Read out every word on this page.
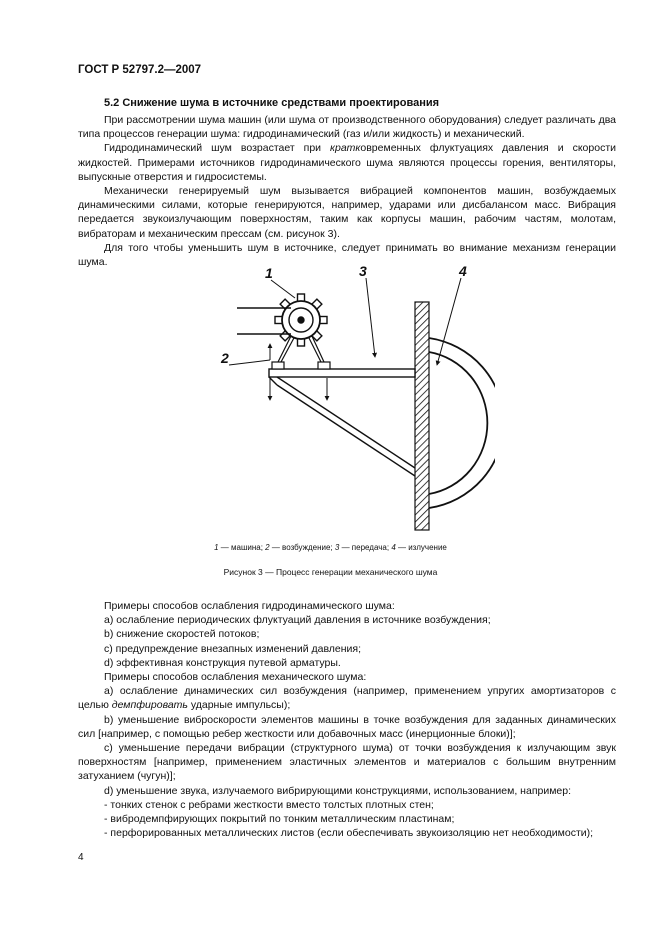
ГОСТ Р 52797.2—2007
5.2 Снижение шума в источнике средствами проектирования

При рассмотрении шума машин (или шума от производственного оборудования) следует различать два типа процессов генерации шума: гидродинамический (газ и/или жидкость) и механический.

Гидродинамический шум возрастает при кратковременных флуктуациях давления и скорости жидкостей. Примерами источников гидродинамического шума являются процессы горения, вентиляторы, выпускные отверстия и гидросистемы.

Механически генерируемый шум вызывается вибрацией компонентов машин, возбуждаемых динамическими силами, которые генерируются, например, ударами или дисбалансом масс. Вибрация передается звукоизлучающим поверхностям, таким как корпусы машин, рабочим частям, молотам, вибраторам и механическим прессам (см. рисунок 3).

Для того чтобы уменьшить шум в источнике, следует принимать во внимание механизм генерации шума.

1
2
3	4
1 — машина; 2 — возбуждение; 3 — передача; 4 — излучение
Рисунок 3 — Процесс генерации механического шума

Примеры способов ослабления гидродинамического шума:

а) ослабление периодических флуктуаций давления в источнике возбуждения;

b) снижение скоростей потоков;

с) предупреждение внезапных изменений давления;

d) эффективная конструкция путевой арматуры.

Примеры способов ослабления механического шума:

а) ослабление динамических сил возбуждения (например, применением упругих амортизаторов с целью демпфировать ударные импульсы);

b) уменьшение виброскорости элементов машины в точке возбуждения для заданных динамических сил [например, с помощью ребер жесткости или добавочных масс (инерционные блоки)];

с) уменьшение передачи вибрации (структурного шума) от точки возбуждения к излучающим звук поверхностям [например, применением эластичных элементов и материалов с большим внутренним затуханием (чугун)];

d) уменьшение звука, излучаемого вибрирующими конструкциями, использованием, например:

- тонких стенок с ребрами жесткости вместо толстых плотных стен;

- вибродемпфирующих покрытий по тонким металлическим пластинам;

- перфорированных металлических листов (если обеспечивать звукоизоляцию нет необходимости);

4
